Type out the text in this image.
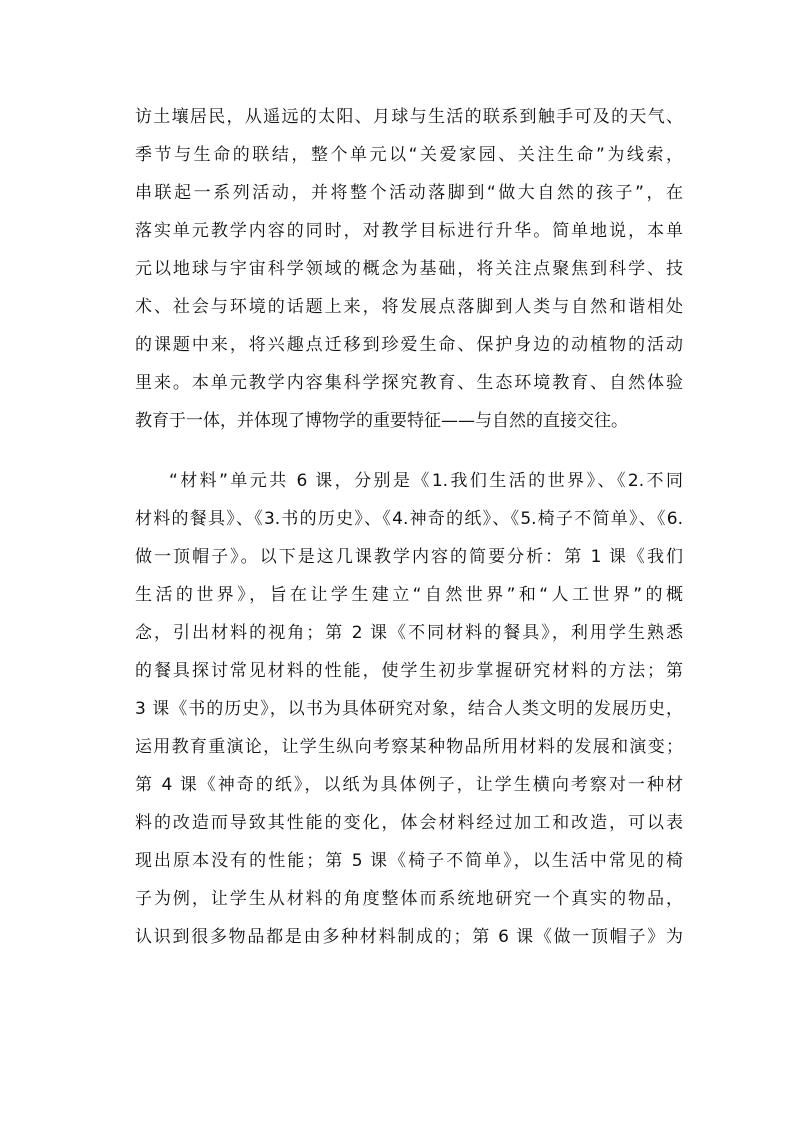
访土壤居民，从遥远的太阳、月球与生活的联系到触手可及的天气、
季节与生命的联结，整个单元以“关爱家园、关注生命”为线索，
串联起一系列活动，并将整个活动落脚到“做大自然的孩子”，在
落实单元教学内容的同时，对教学目标进行升华。简单地说，本单
元以地球与宇宙科学领域的概念为基础，将关注点聚焦到科学、技
术、社会与环境的话题上来，将发展点落脚到人类与自然和谐相处
的课题中来，将兴趣点迁移到珍爱生命、保护身边的动植物的活动
里来。本单元教学内容集科学探究教育、生态环境教育、自然体验
教育于一体，并体现了博物学的重要特征——与自然的直接交往。
“材料”单元共 6 课，分别是《1.我们生活的世界》、《2.不同
材料的餐具》、《3.书的历史》、《4.神奇的纸》、《5.椅子不简单》、《6.
做一顶帽子》。以下是这几课教学内容的简要分析：第 1 课《我们
生活的世界》，旨在让学生建立“自然世界”和“人工世界”的概
念，引出材料的视角；第 2 课《不同材料的餐具》，利用学生熟悉
的餐具探讨常见材料的性能，使学生初步掌握研究材料的方法；第
3 课《书的历史》，以书为具体研究对象，结合人类文明的发展历史，
运用教育重演论，让学生纵向考察某种物品所用材料的发展和演变；
第 4 课《神奇的纸》，以纸为具体例子，让学生横向考察对一种材
料的改造而导致其性能的变化，体会材料经过加工和改造，可以表
现出原本没有的性能；第 5 课《椅子不简单》，以生活中常见的椅
子为例，让学生从材料的角度整体而系统地研究一个真实的物品，
认识到很多物品都是由多种材料制成的；第 6 课《做一顶帽子》为
